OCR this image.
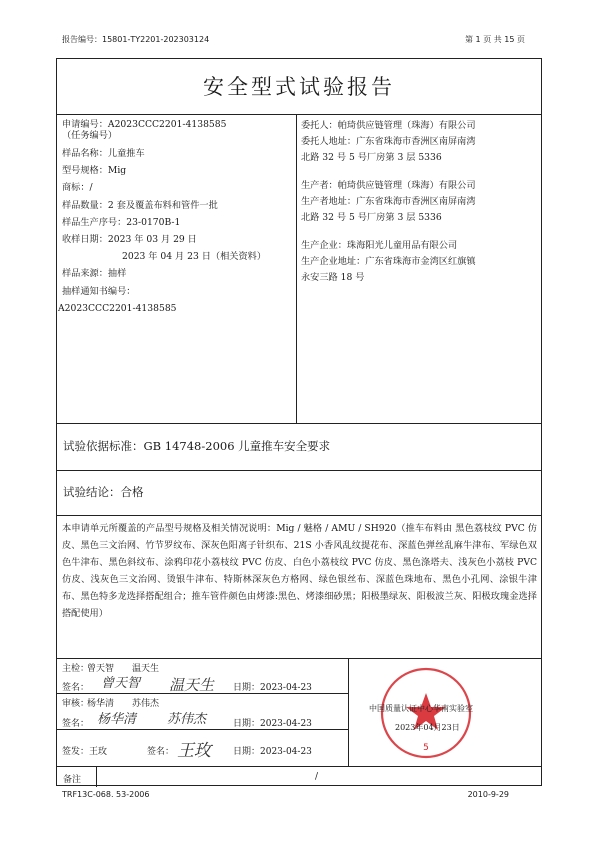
报告编号：15801-TY2201-202303124	第 1 页 共 15 页
安全型式试验报告
申请编号：A2023CCC2201-4138585
（任务编号）
样品名称：儿童推车
型号规格：Mig
商标：/
样品数量：2 套及覆盖布料和管件一批
样品生产序号：23-0170B-1
收样日期：2023 年 03 月 29 日
2023 年 04 月 23 日（相关资料）
样品来源：抽样
抽样通知书编号：
A2023CCC2201-4138585
委托人：帕琦供应链管理（珠海）有限公司
委托人地址：广东省珠海市香洲区南屏南湾
北路 32 号 5 号厂房第 3 层 5336
生产者：帕琦供应链管理（珠海）有限公司
生产者地址：广东省珠海市香洲区南屏南湾
北路 32 号 5 号厂房第 3 层 5336
生产企业：珠海阳光儿童用品有限公司
生产企业地址：广东省珠海市金湾区红旗镇
永安三路 18 号
试验依据标准：GB 14748-2006 儿童推车安全要求
试验结论：合格
本申请单元所覆盖的产品型号规格及相关情况说明：Mig / 魅格 / AMU / SH920（推车布料由 黑色荔枝纹 PVC 仿皮、黑色三文治网、竹节罗纹布、深灰色阳离子针织布、21S 小香风乱纹提花布、深蓝色弹丝乱麻牛津布、军绿色双色牛津布、黑色斜纹布、涂鸦印花小荔枝纹 PVC 仿皮、白色小荔枝纹 PVC 仿皮、黑色涤塔夫、浅灰色小荔枝 PVC 仿皮、浅灰色三文治网、烫银牛津布、特斯林深灰色方格网、绿色银丝布、深蓝色珠地布、黑色小孔网、涂银牛津布、黑色特多龙选择搭配组合；推车管件颜色由烤漆:黑色、烤漆细砂黑；阳极墨绿灰、阳极波兰灰、阳极玫瑰金选择搭配使用）
主检：
曾天智　　温天生
签名： 曾天智 温天生 日期：2023-04-23
审核：
杨华清　　苏伟杰
签名： 杨华清 苏伟杰	日期：2023-04-23
签发：王玫	签名： 王玫 日期：2023-04-23	5
中国质量认证中心华南实验室
2023年04月23日
备注	/
TRF13C-068. 53-2006	2010-9-29
